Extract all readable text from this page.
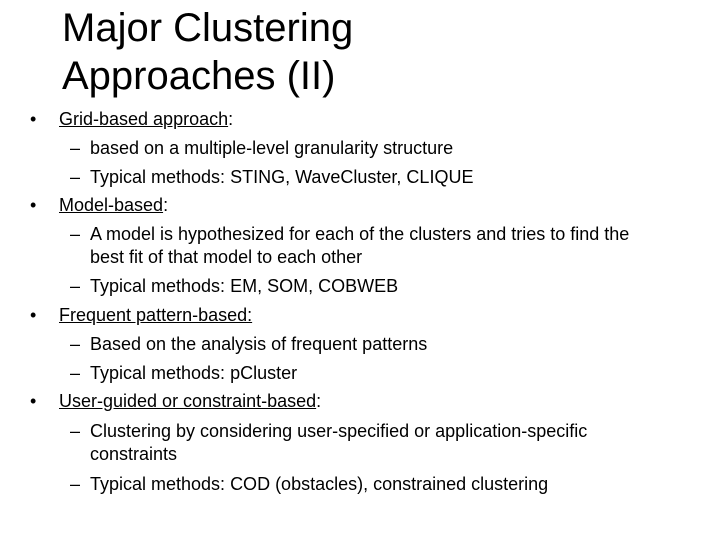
Major Clustering
Approaches (II)
• Grid-based approach:
– based on a multiple-level granularity structure
– Typical methods: STING, WaveCluster, CLIQUE
• Model-based:
– A model is hypothesized for each of the clusters and tries to find the
best fit of that model to each other
– Typical methods: EM, SOM, COBWEB
• Frequent pattern-based:
– Based on the analysis of frequent patterns
– Typical methods: pCluster
• User-guided or constraint-based:
– Clustering by considering user-specified or application-specific
constraints
– Typical methods: COD (obstacles), constrained clustering
